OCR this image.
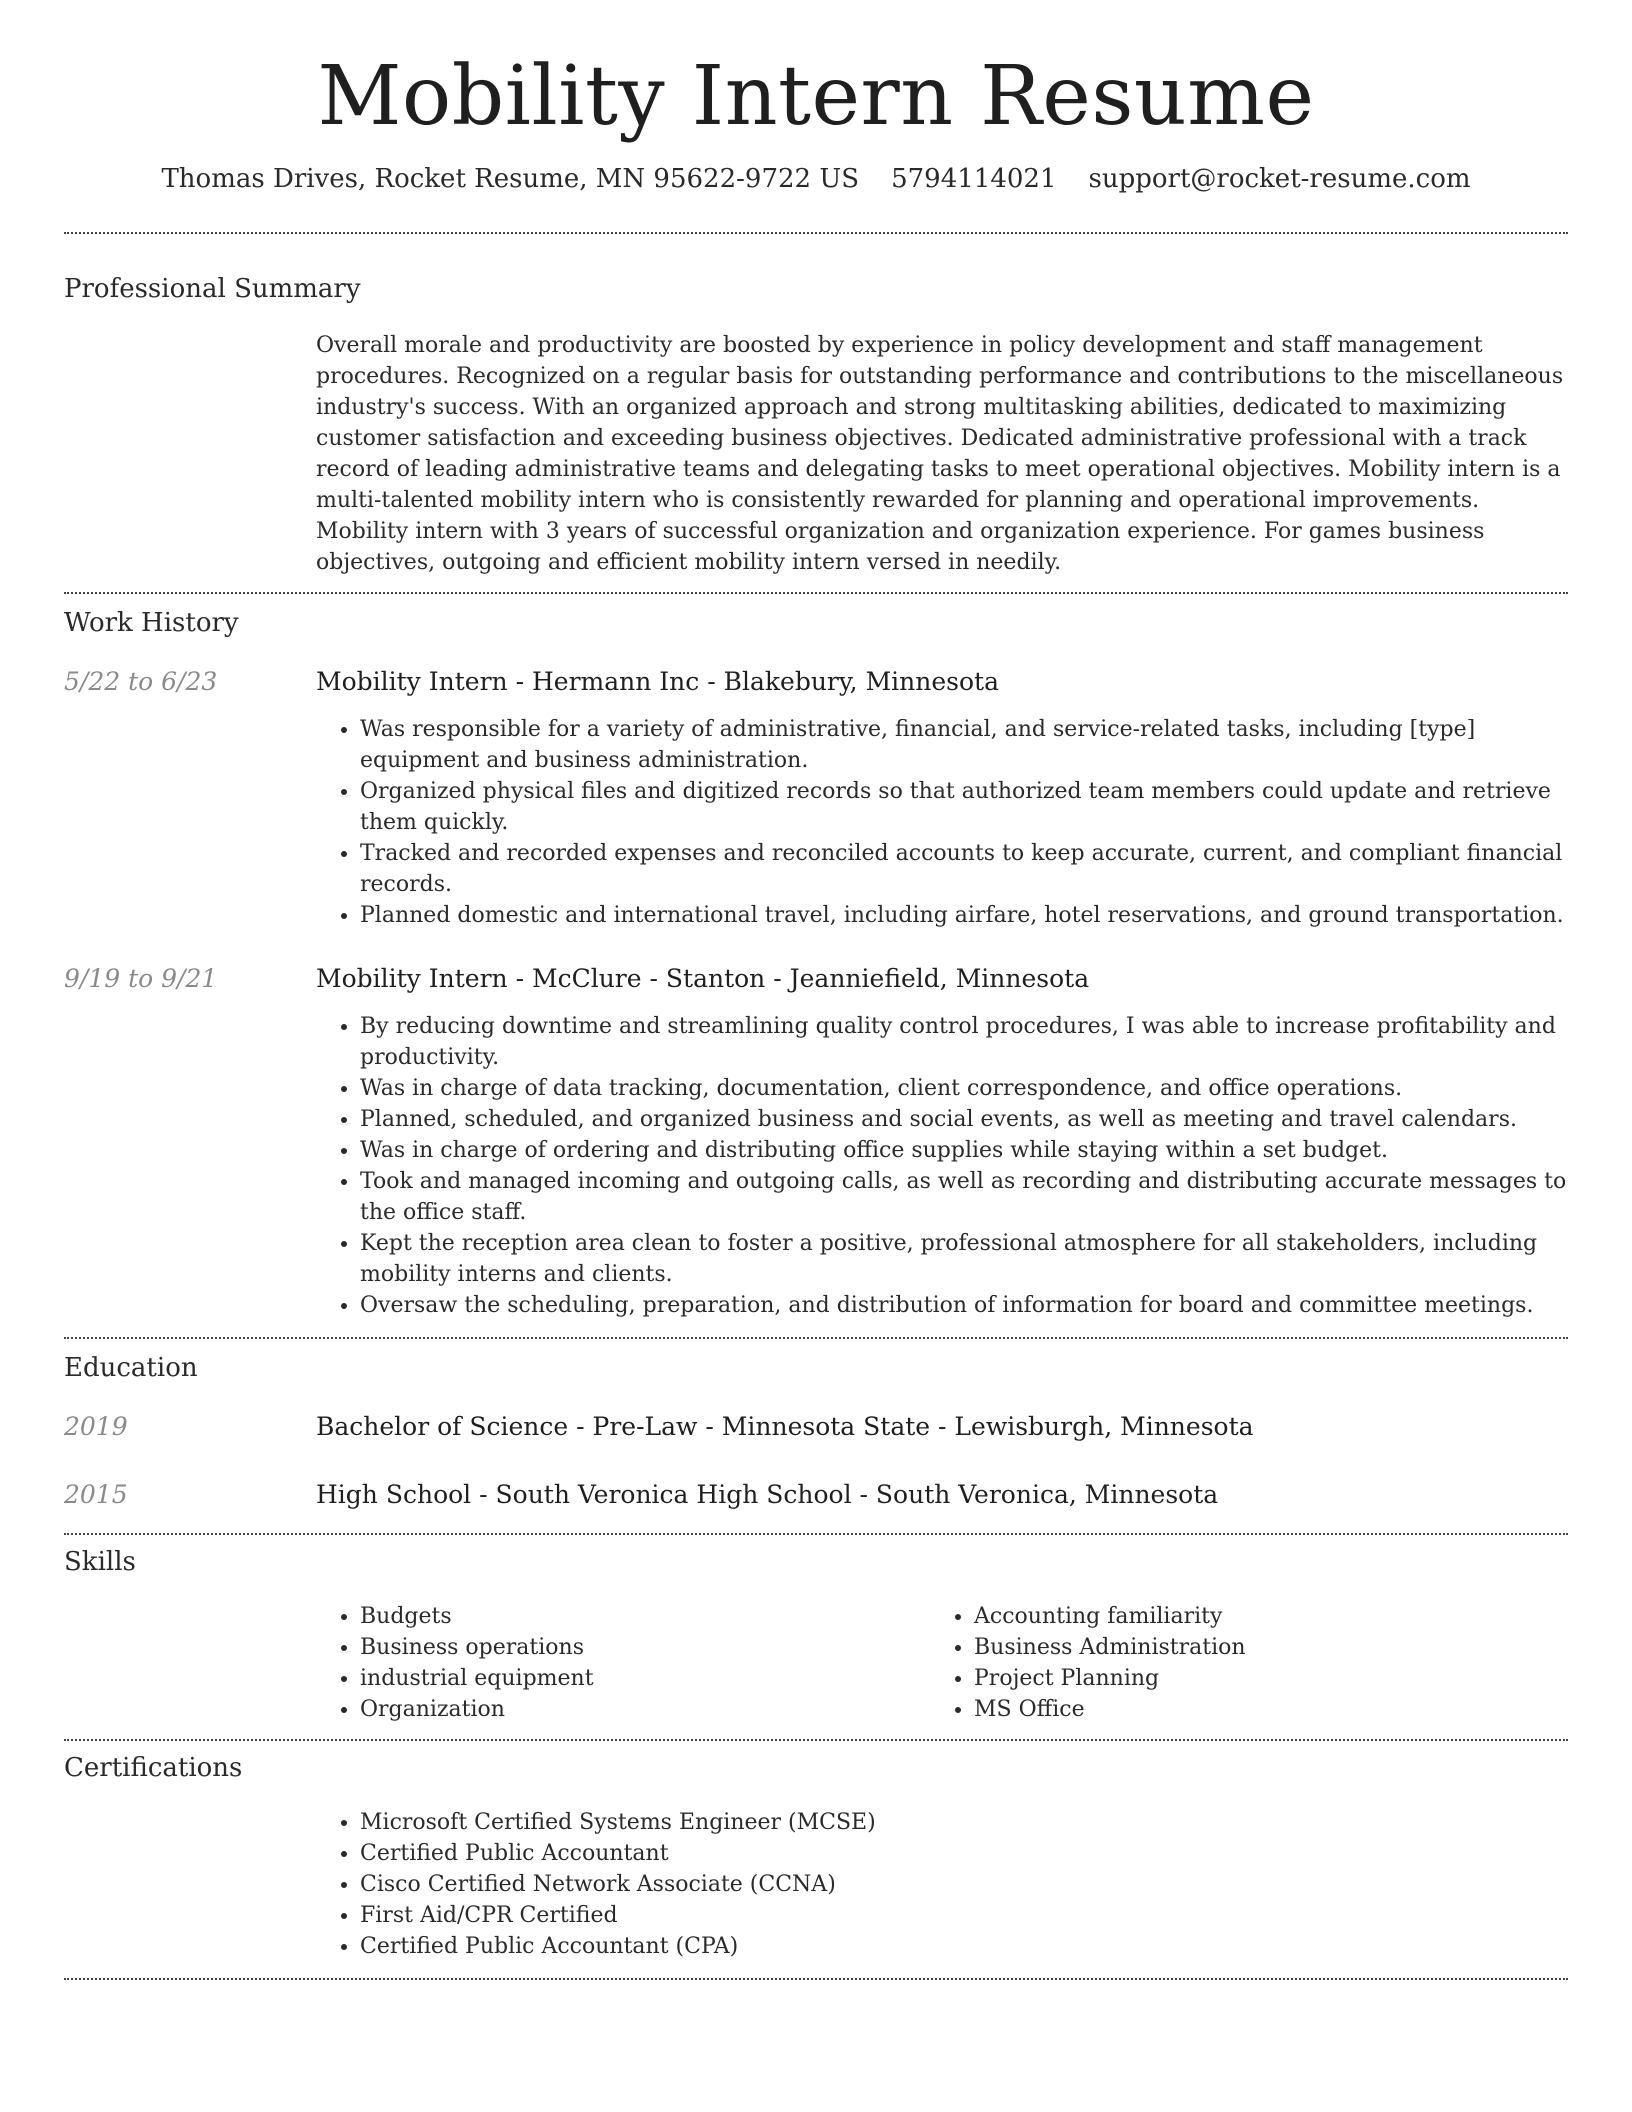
Mobility Intern Resume
Thomas Drives, Rocket Resume, MN 95622-9722 US 5794114021 support@rocket-resume.com
Professional Summary
Overall morale and productivity are boosted by experience in policy development and staff management procedures. Recognized on a regular basis for outstanding performance and contributions to the miscellaneous industry's success. With an organized approach and strong multitasking abilities, dedicated to maximizing customer satisfaction and exceeding business objectives. Dedicated administrative professional with a track record of leading administrative teams and delegating tasks to meet operational objectives. Mobility intern is a multi-talented mobility intern who is consistently rewarded for planning and operational improvements. Mobility intern with 3 years of successful organization and organization experience. For games business objectives, outgoing and efficient mobility intern versed in needily.
Work History
5/22 to 6/23	Mobility Intern - Hermann Inc - Blakebury, Minnesota
• Was responsible for a variety of administrative, financial, and service-related tasks, including [type] equipment and business administration.
• Organized physical files and digitized records so that authorized team members could update and retrieve them quickly.
• Tracked and recorded expenses and reconciled accounts to keep accurate, current, and compliant financial records.
• Planned domestic and international travel, including airfare, hotel reservations, and ground transportation.
9/19 to 9/21	Mobility Intern - McClure - Stanton - Jeanniefield, Minnesota
• By reducing downtime and streamlining quality control procedures, I was able to increase profitability and productivity.
• Was in charge of data tracking, documentation, client correspondence, and office operations.
• Planned, scheduled, and organized business and social events, as well as meeting and travel calendars.
• Was in charge of ordering and distributing office supplies while staying within a set budget.
• Took and managed incoming and outgoing calls, as well as recording and distributing accurate messages to the office staff.
• Kept the reception area clean to foster a positive, professional atmosphere for all stakeholders, including mobility interns and clients.
• Oversaw the scheduling, preparation, and distribution of information for board and committee meetings.
Education
2019	Bachelor of Science - Pre-Law - Minnesota State - Lewisburgh, Minnesota
2015	High School - South Veronica High School - South Veronica, Minnesota
Skills
• Budgets
• Business operations
• industrial equipment
• Organization
• Accounting familiarity
• Business Administration
• Project Planning
• MS Office
Certifications
• Microsoft Certified Systems Engineer (MCSE)
• Certified Public Accountant
• Cisco Certified Network Associate (CCNA)
• First Aid/CPR Certified
• Certified Public Accountant (CPA)
